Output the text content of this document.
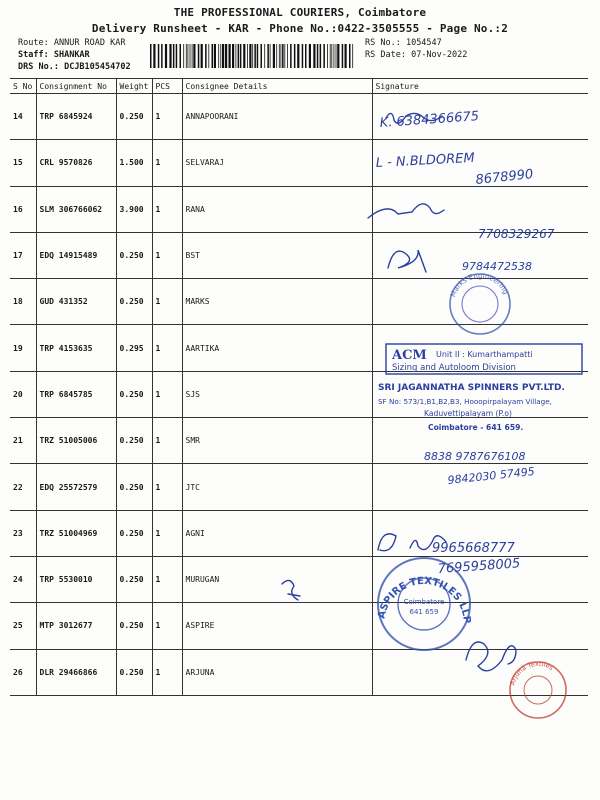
THE PROFESSIONAL COURIERS, Coimbatore
Delivery Runsheet - KAR - Phone No.:0422-3505555 - Page No.:2
Route: ANNUR ROAD KAR
Staff: SHANKAR
DRS No.: DCJB105454702
RS No.: 1054547
RS Date: 07-Nov-2022
S No	Consignment No	Weight	PCS	Consignee Details	Signature
14	TRP 6845924	0.250	1	ANNAPOORANI	
15	CRL 9570826	1.500	1	SELVARAJ	
16	SLM 306766062	3.900	1	RANA	
17	EDQ 14915489	0.250	1	BST	
18	GUD 431352	0.250	1	MARKS	
19	TRP 4153635	0.295	1	AARTIKA	
20	TRP 6845785	0.250	1	SJS	
21	TRZ 51005006	0.250	1	SMR	
22	EDQ 25572579	0.250	1	JTC	
23	TRZ 51004969	0.250	1	AGNI	
24	TRP 5530010	0.250	1	MURUGAN	
25	MTP 3012677	0.250	1	ASPIRE	
26	DLR 29466866	0.250	1	ARJUNA	
K. 6384366675
L - N.BLDOREM
8678990
7708329267
9784472538
8838 9787676108
9842030 57495
9965668777
7695958005
Marks Engineering
ACM Unit II : Kumarthampatti
Sizing and Autoloom Division
SRI JAGANNATHA SPINNERS PVT.LTD.
SF No: 573/1,B1,B2,B3, Hooopirpalayam Village,
Kaduvettipalayam (P.o)
Coimbatore - 641 659.
ASPIRE TEXTILES LLP
Coimbatore
641 659
Arjuna Textiles
